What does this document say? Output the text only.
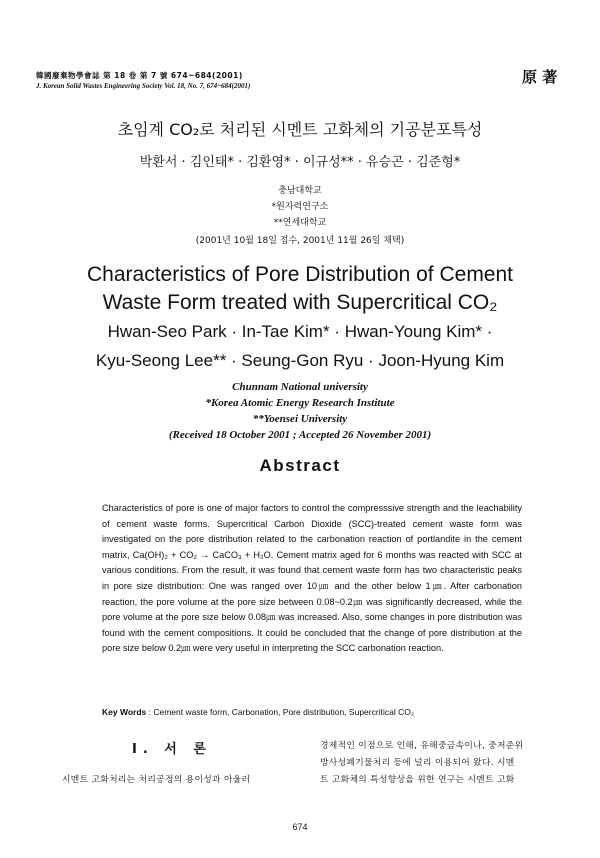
韓國廢棄物學會誌 第 18 卷 第 7 號 674~684(2001)
J. Korean Solid Wastes Engineering Society Vol. 18, No. 7, 674~684(2001)	原 著
초임계 CO₂로 처리된 시멘트 고화체의 기공분포특성
박환서 · 김인태* · 김환영* · 이규성** · 유승곤 · 김준형*
충남대학교
*원자력연구소
**연세대학교
(2001년 10월 18일 접수, 2001년 11월 26일 채택)
Characteristics of Pore Distribution of Cement
Waste Form treated with Supercritical CO₂
Hwan-Seo Park · In-Tae Kim* · Hwan-Young Kim* ·
Kyu-Seong Lee** · Seung-Gon Ryu · Joon-Hyung Kim
Chunnam National university
*Korea Atomic Energy Research Institute
**Yoensei University
(Received 18 October 2001 ; Accepted 26 November 2001)
Abstract
Characteristics of pore is one of major factors to control the compresssive strength and the leachability of cement waste forms. Supercritical Carbon Dioxide (SCC)-treated cement waste form was investigated on the pore distribution related to the carbonation reaction of portlandite in the cement matrix, Ca(OH)₂ + CO₂ → CaCO₃ + H₂O. Cement matrix aged for 6 months was reacted with SCC at various conditions. From the result, it was found that cement waste form has two characteristic peaks in pore size distribution: One was ranged over 10㎛ and the other below 1㎛. After carbonation reaction, the pore volume at the pore size between 0.08~0.2㎛ was significantly decreased, while the pore volume at the pore size below 0.08㎛ was increased. Also, some changes in pore distribution was found with the cement compositions. It could be concluded that the change of pore distribution at the pore size below 0.2㎛ were very useful in interpreting the SCC carbonation reaction.
Key Words : Cement waste form, Carbonation, Pore distribution, Supercritical CO₂
Ⅰ. 서 론
시멘트 고화처리는 처리공정의 용이성과 아울러
경제적인 이점으로 인해, 유해중금속이나, 중저준위
방사성폐기물처리 등에 널리 이용되어 왔다. 시멘
트 고화체의 특성향상을 위한 연구는 시멘트 고화
674
